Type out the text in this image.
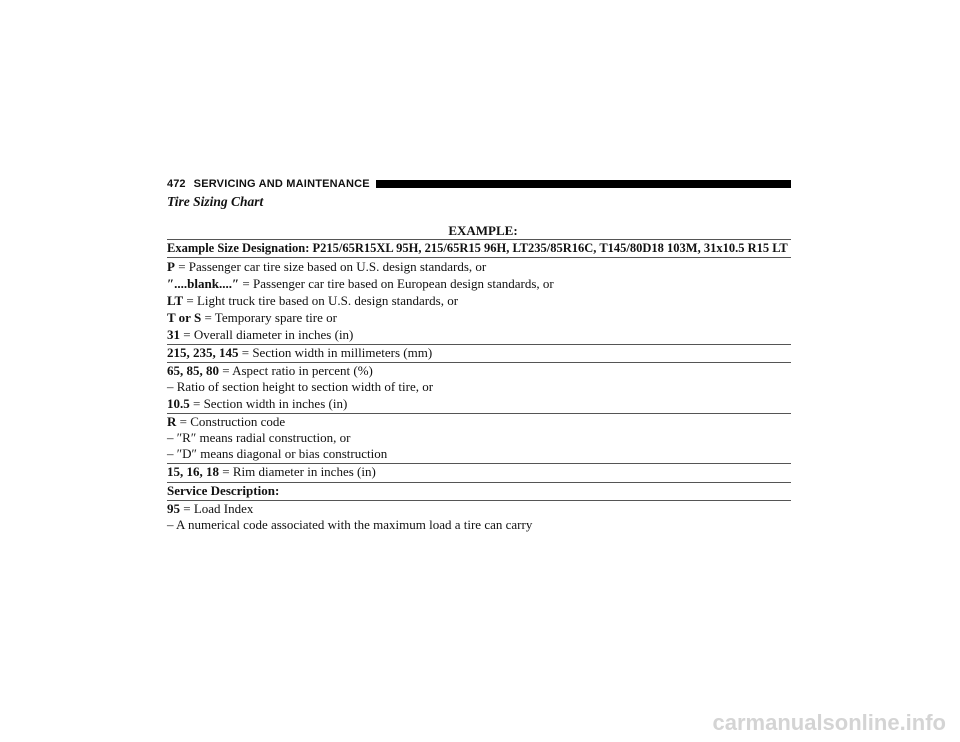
472 SERVICING AND MAINTENANCE
Tire Sizing Chart
EXAMPLE:
Example Size Designation: P215/65R15XL 95H, 215/65R15 96H, LT235/85R16C, T145/80D18 103M, 31x10.5 R15 LT
P = Passenger car tire size based on U.S. design standards, or
″....blank....″ = Passenger car tire based on European design standards, or
LT = Light truck tire based on U.S. design standards, or
T or S = Temporary spare tire or
31 = Overall diameter in inches (in)
215, 235, 145 = Section width in millimeters (mm)
65, 85, 80 = Aspect ratio in percent (%)
– Ratio of section height to section width of tire, or
10.5 = Section width in inches (in)
R = Construction code
– ″R″ means radial construction, or
– ″D″ means diagonal or bias construction
15, 16, 18 = Rim diameter in inches (in)
Service Description:
95 = Load Index
– A numerical code associated with the maximum load a tire can carry
carmanualsonline.info
